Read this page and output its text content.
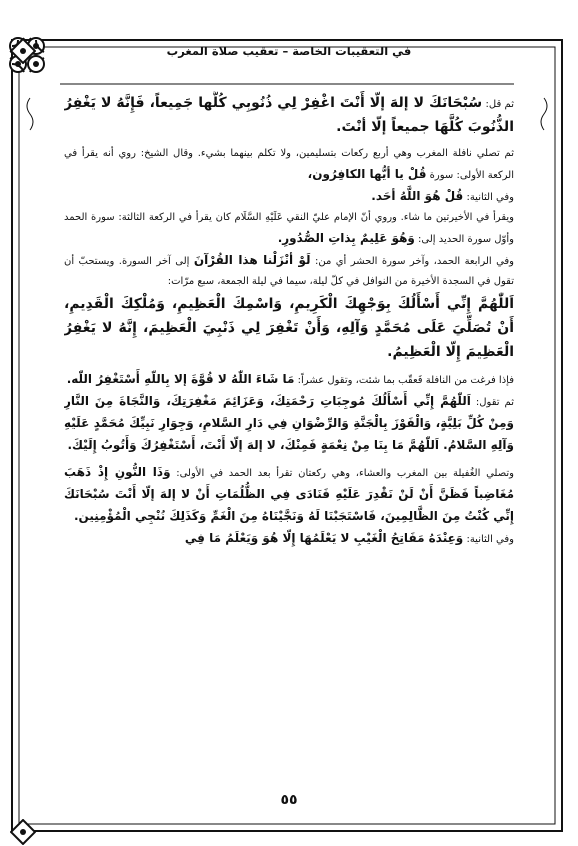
في التعقيبات الخاصة – تعقيب صلاة المغرب

ثم قل: سُبْحَانَكَ لا إلهَ إلّا أَنْتَ اغْفِرْ لِي ذُنُوبِي كُلَّها جَمِيعاً، فَإِنَّهُ لا يَغْفِرُ الذُّنُوبَ كُلَّهَا جميعاً إلّا أنْتَ.

ثم تصلي نافلة المغرب وهي أربع ركعات بتسليمين، ولا تكلم بينهما بشيء. وقال الشيخ: روي أنه يقرأ في الركعة الأولى: سورة قُلْ يا أيُّها الكافِرُون،

وفي الثانية: قُلْ هُوَ اللَّهُ أحَد.

ويقرأ في الأخيرتين ما شاء. وروي أنّ الإمام عليّ النقي عَلَيْهِ السَّلَام كان يقرأ في الركعة الثالثة: سورة الحمد وأوّل سورة الحديد إلى: وَهُوَ عَلِيمٌ بِذاتِ الصُّدُورِ.

وفي الرابعة الحمد، وآخر سورة الحشر أي من: لَوْ أنْزَلْنا هذا القُرْآنَ إلى آخر السورة. ويستحبّ أن تقول في السجدة الأخيرة من النوافل في كلّ ليلة، سيما في ليلة الجمعة، سبع مرّات:

اَللّٰهُمَّ إِنِّي أَسْأَلُكَ بِوَجْهِكَ الْكَرِيمِ، وَاسْمِكَ الْعَظِيمِ، وَمُلْكِكَ الْقَدِيمِ، أَنْ تُصَلِّيَ عَلَى مُحَمَّدٍ وَآلِهِ، وَأَنْ تَغْفِرَ لِي ذَنْبِيَ الْعَظِيمَ، إِنَّهُ لا يَغْفِرُ الْعَظِيمَ إِلّا الْعَظِيمُ.

فإذا فرغت من النافلة فَعقّب بما شئت، وتقول عشراً: مَا شَاءَ اللّٰهُ لا قُوَّةَ إلا بِاللّهِ أَسْتَغْفِرُ اللّٰه.

ثم تقول: اَللّٰهُمَّ إِنِّي أَسْأَلُكَ مُوجِبَاتِ رَحْمَتِكَ، وَعَزَائِمَ مَغْفِرَتِكَ، وَالنَّجَاةَ مِنَ النَّارِ وَمِنْ كُلِّ بَلِيَّةٍ، وَالْفَوْزَ بِالْجَنَّةِ وَالرِّضْوَانِ فِي دَارِ السَّلامِ، وَجِوَارِ نَبِيِّكَ مُحَمَّدٍ عَلَيْهِ وَآلِهِ السَّلامُ. اَللّٰهُمَّ مَا بِنَا مِنْ نِعْمَةٍ فَمِنْكَ، لا إلهَ إلّا أَنْتَ، أَسْتَغْفِرُكَ وَأَتُوبُ إِلَيْكَ.

وتصلي الغُفيلة بين المغرب والعشاء، وهي ركعتان تقرأ بعد الحمد في الأولى: وَذَا النُّونِ إِذْ ذَهَبَ مُغَاضِباً فَظَنَّ أَنْ لَنْ نَقْدِرَ عَلَيْهِ فَنَادَى فِي الظُّلُمَاتِ أَنْ لا إلهَ إلّا أَنْتَ سُبْحَانَكَ إِنِّي كُنْتُ مِنَ الظَّالِمِينَ، فَاسْتَجَبْنَا لَهُ وَنَجَّيْنَاهُ مِنَ الْغَمِّ وَكَذَلِكَ نُنْجِي الْمُؤْمِنِين.

وفي الثانية: وَعِنْدَهُ مَفَاتِحُ الْغَيْبِ لا يَعْلَمُهَا إِلّا هُوَ وَيَعْلَمُ مَا فِي

٥٥
